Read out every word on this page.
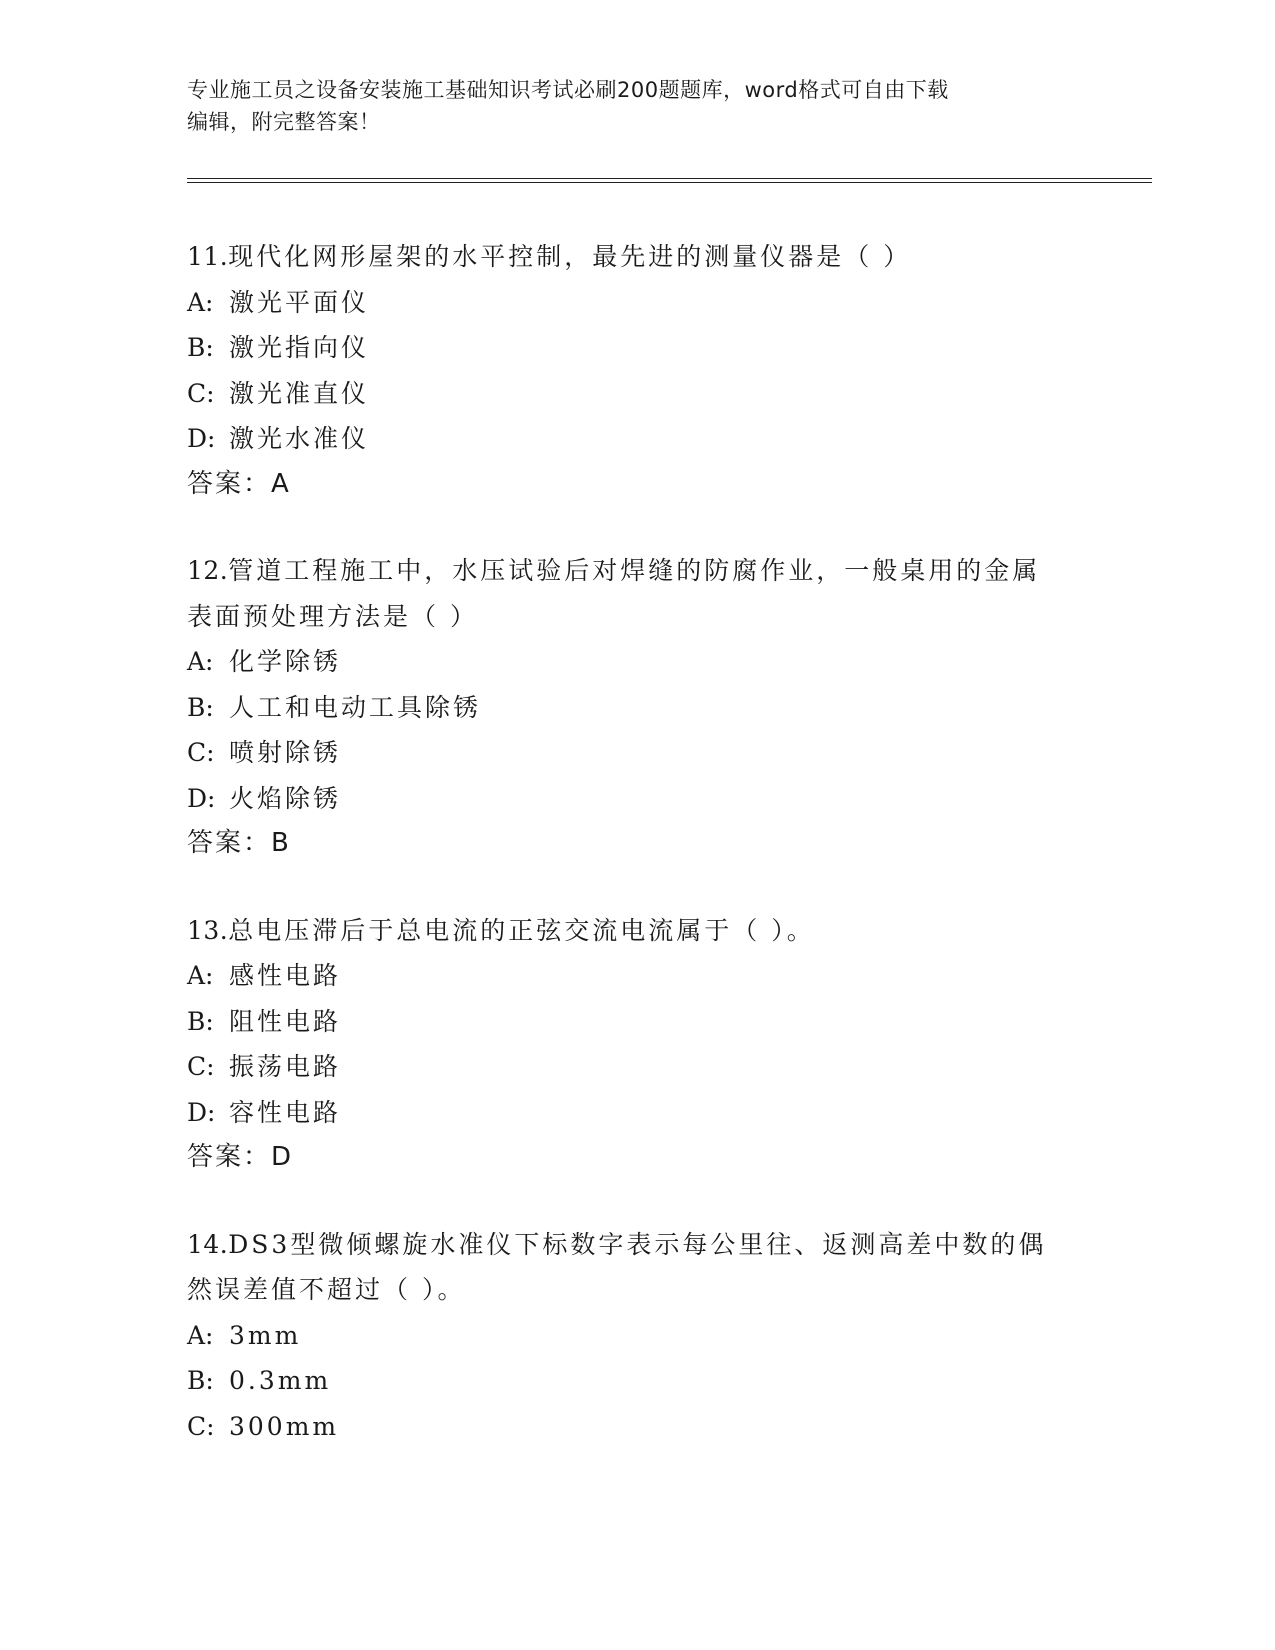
专业施工员之设备安装施工基础知识考试必刷200题题库，word格式可自由下载
编辑，附完整答案！
11.现代化网形屋架的水平控制，最先进的测量仪器是（ ）
A: 激光平面仪
B: 激光指向仪
C: 激光准直仪
D: 激光水准仪
答案：A
12.管道工程施工中，水压试验后对焊缝的防腐作业，一般桌用的金属
表面预处理方法是（ ）
A: 化学除锈
B: 人工和电动工具除锈
C: 喷射除锈
D: 火焰除锈
答案：B
13.总电压滞后于总电流的正弦交流电流属于（ ）。
A: 感性电路
B: 阻性电路
C: 振荡电路
D: 容性电路
答案：D
14.DS3型微倾螺旋水准仪下标数字表示每公里往、返测高差中数的偶
然误差值不超过（ ）。
A: 3mm
B: 0.3mm
C: 300mm
